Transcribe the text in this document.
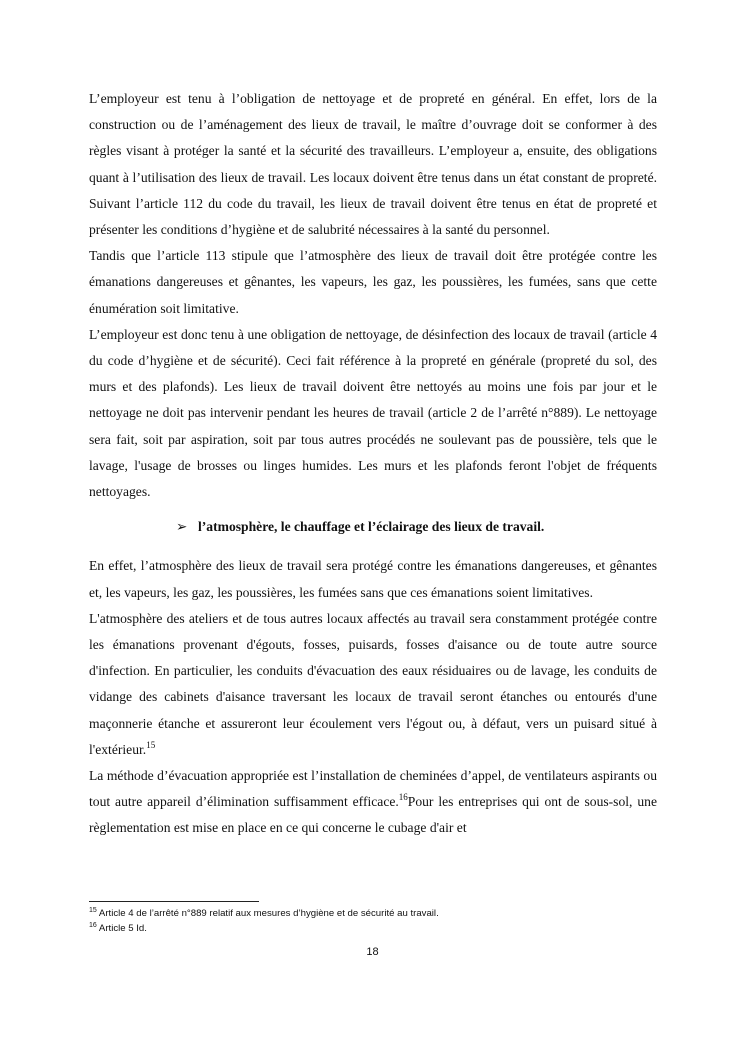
L’employeur est tenu à l’obligation de nettoyage et de propreté en général. En effet, lors de la construction ou de l’aménagement des lieux de travail, le maître d’ouvrage doit se conformer à des règles visant à protéger la santé et la sécurité des travailleurs. L’employeur a, ensuite, des obligations quant à l’utilisation des lieux de travail. Les locaux doivent être tenus dans un état constant de propreté. Suivant l’article 112 du code du travail, les lieux de travail doivent être tenus en état de propreté et présenter les conditions d’hygiène et de salubrité nécessaires à la santé du personnel.

Tandis que l’article 113 stipule que l’atmosphère des lieux de travail doit être protégée contre les émanations dangereuses et gênantes, les vapeurs, les gaz, les poussières, les fumées, sans que cette énumération soit limitative.

L’employeur est donc tenu à une obligation de nettoyage, de désinfection des locaux de travail (article 4 du code d’hygiène et de sécurité). Ceci fait référence à la propreté en générale (propreté du sol, des murs et des plafonds). Les lieux de travail doivent être nettoyés au moins une fois par jour et le nettoyage ne doit pas intervenir pendant les heures de travail (article 2 de l’arrêté n°889). Le nettoyage sera fait, soit par aspiration, soit par tous autres procédés ne soulevant pas de poussière, tels que le lavage, l'usage de brosses ou linges humides. Les murs et les plafonds feront l'objet de fréquents nettoyages.

➢ l’atmosphère, le chauffage et l’éclairage des lieux de travail.

En effet, l’atmosphère des lieux de travail sera protégé contre les émanations dangereuses, et gênantes et, les vapeurs, les gaz, les poussières, les fumées sans que ces émanations soient limitatives.

L'atmosphère des ateliers et de tous autres locaux affectés au travail sera constamment protégée contre les émanations provenant d'égouts, fosses, puisards, fosses d'aisance ou de toute autre source d'infection. En particulier, les conduits d'évacuation des eaux résiduaires ou de lavage, les conduits de vidange des cabinets d'aisance traversant les locaux de travail seront étanches ou entourés d'une maçonnerie étanche et assureront leur écoulement vers l'égout ou, à défaut, vers un puisard situé à l'extérieur.$^{15}$

La méthode d’évacuation appropriée est l’installation de cheminées d’appel, de ventilateurs aspirants ou tout autre appareil d’élimination suffisamment efficace.$^{16}$Pour les entreprises qui ont de sous-sol, une règlementation est mise en place en ce qui concerne le cubage d'air et

$^{15}$ Article 4 de l’arrêté n°889 relatif aux mesures d’hygiène et de sécurité au travail.

$^{16}$ Article 5 Id.

18
